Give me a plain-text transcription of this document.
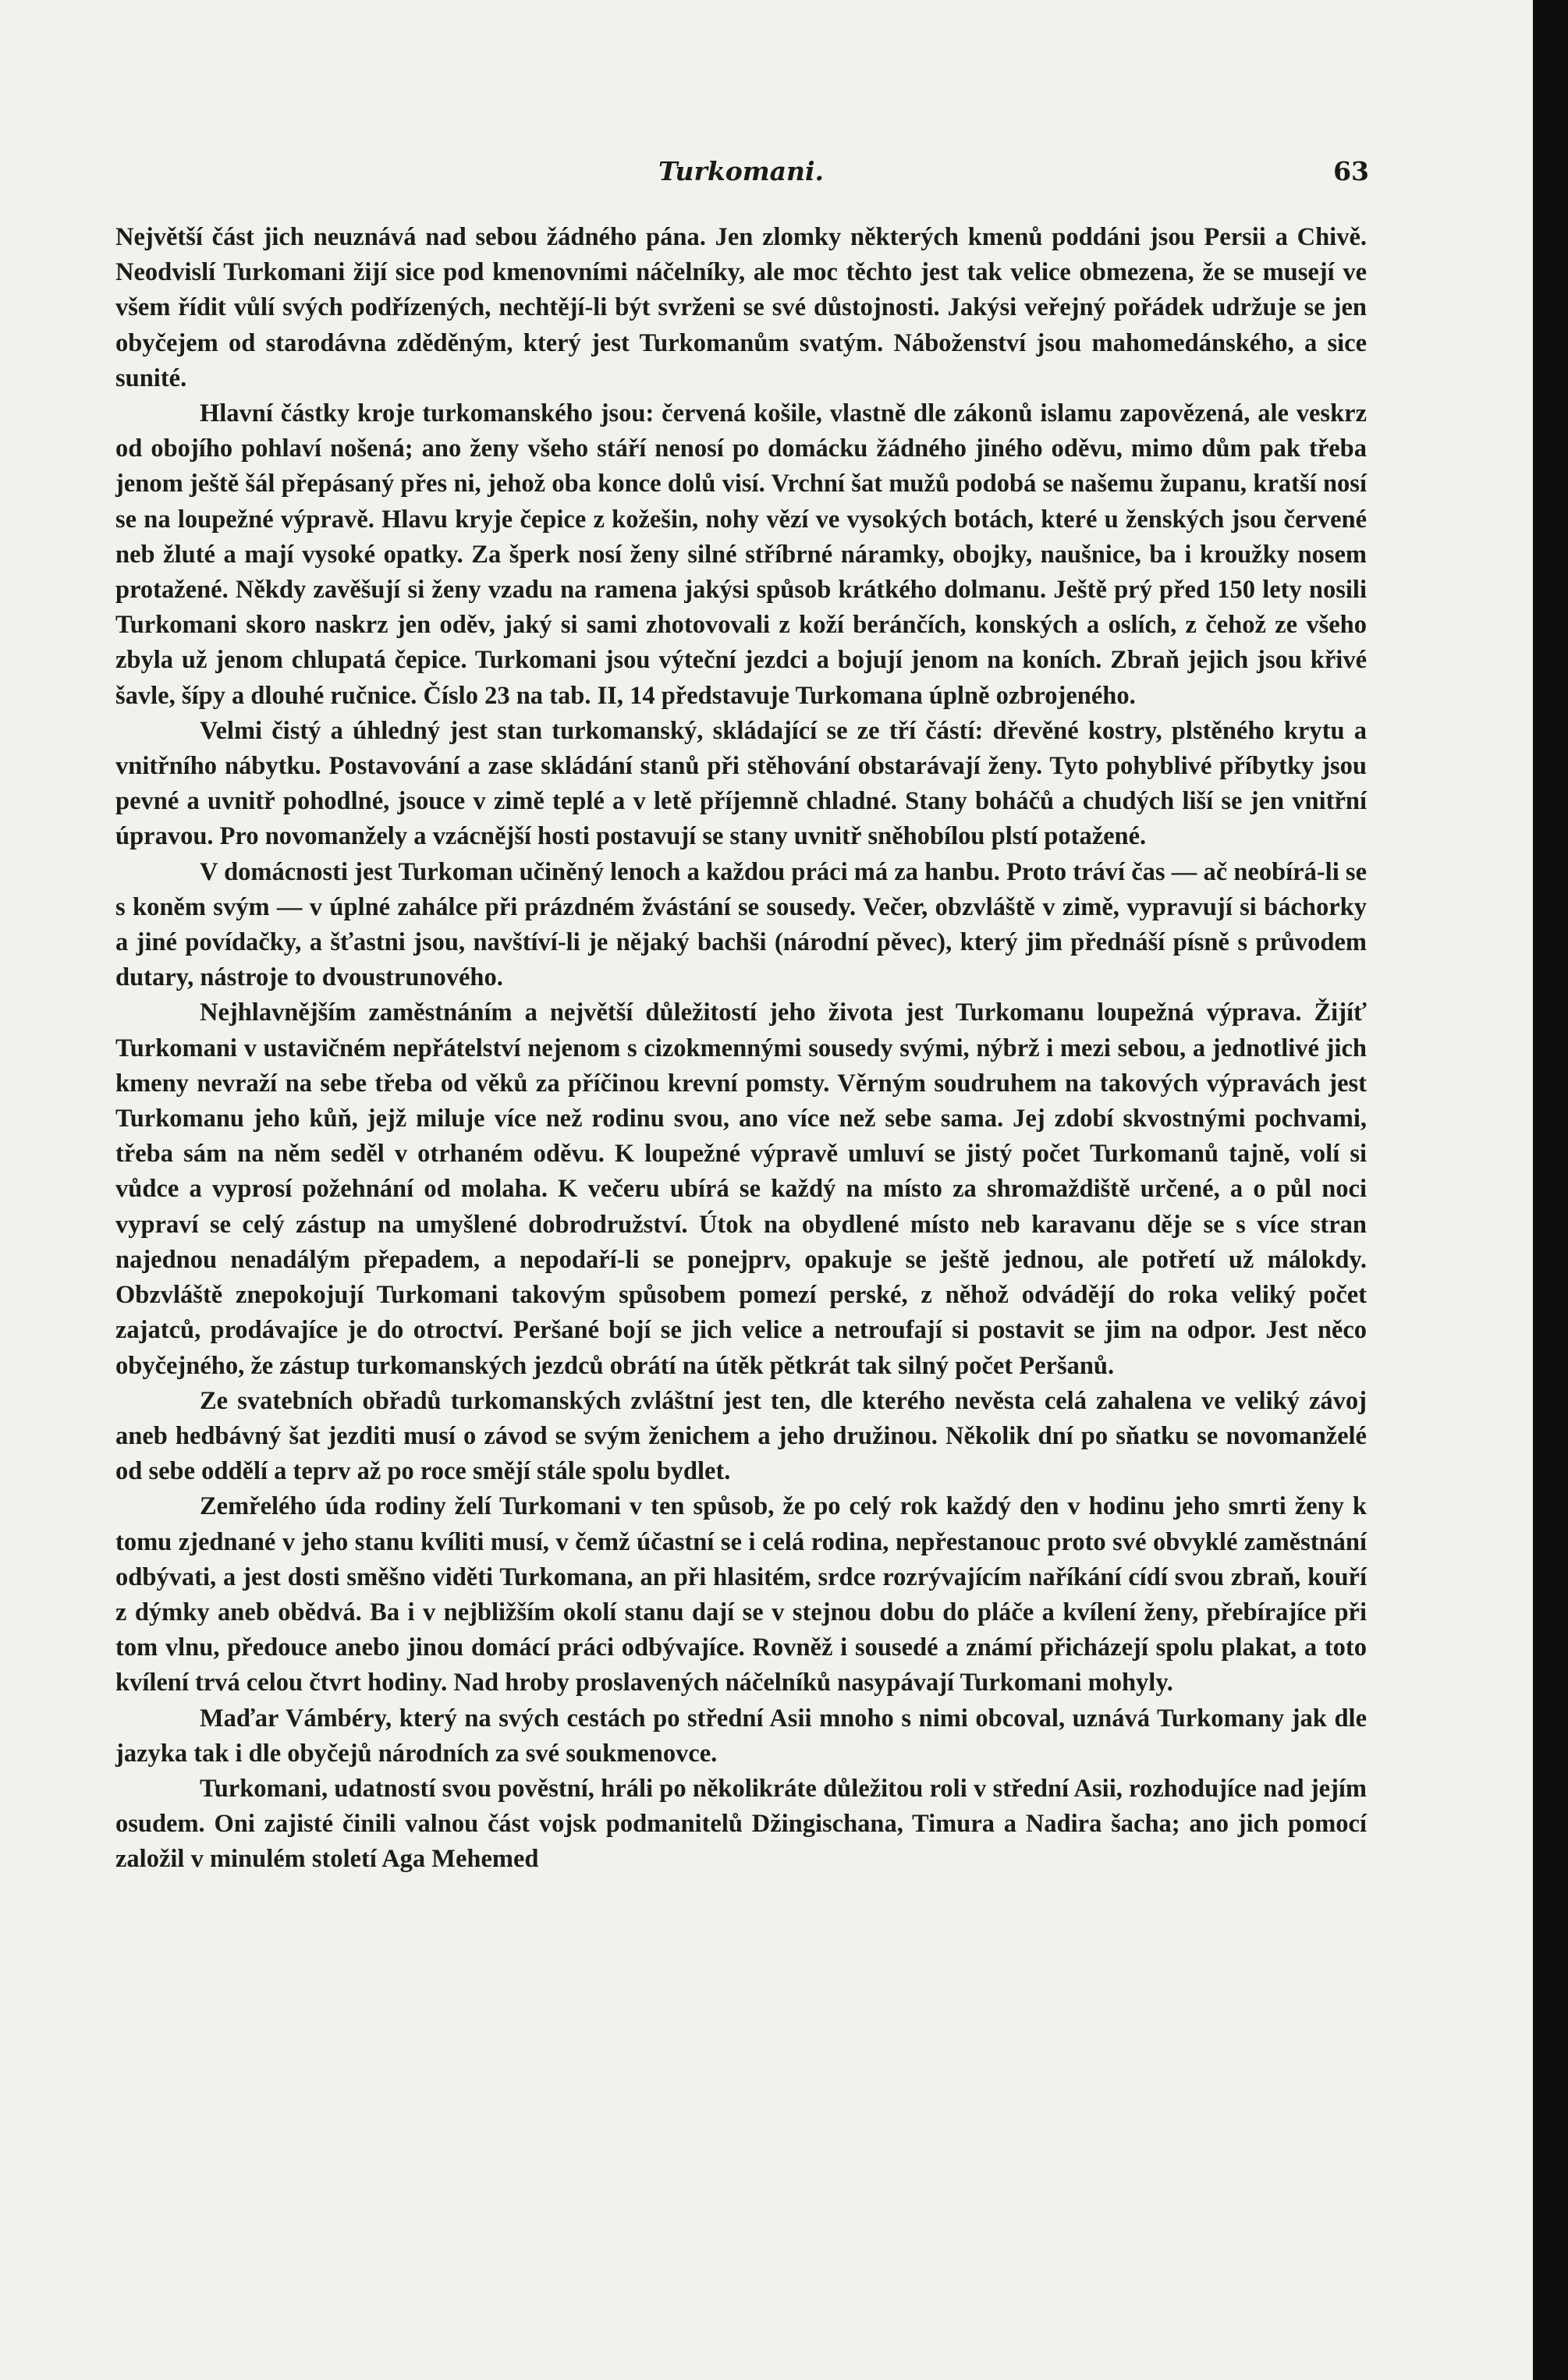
Turkomani.	63

Největší část jich neuznává nad sebou žádného pána. Jen zlomky některých kmenů poddáni jsou Persii a Chivě. Neodvislí Turkomani žijí sice pod kmenovními náčelníky, ale moc těchto jest tak velice obmezena, že se musejí ve všem řídit vůlí svých podřízených, nechtějí-li být svrženi se své důstojnosti. Jakýsi veřejný pořádek udržuje se jen obyčejem od starodávna zděděným, který jest Turkomanům svatým. Náboženství jsou mahomedánského, a sice sunité.

Hlavní částky kroje turkomanského jsou: červená košile, vlastně dle zákonů islamu zapovězená, ale veskrz od obojího pohlaví nošená; ano ženy všeho stáří nenosí po domácku žádného jiného oděvu, mimo dům pak třeba jenom ještě šál přepásaný přes ni, jehož oba konce dolů visí. Vrchní šat mužů podobá se našemu županu, kratší nosí se na loupežné výpravě. Hlavu kryje čepice z kožešin, nohy vězí ve vysokých botách, které u ženských jsou červené neb žluté a mají vysoké opatky. Za šperk nosí ženy silné stříbrné náramky, obojky, naušnice, ba i kroužky nosem protažené. Někdy zavěšují si ženy vzadu na ramena jakýsi spůsob krátkého dolmanu. Ještě prý před 150 lety nosili Turkomani skoro naskrz jen oděv, jaký si sami zhotovovali z koží beránčích, konských a oslích, z čehož ze všeho zbyla už jenom chlupatá čepice. Turkomani jsou výteční jezdci a bojují jenom na koních. Zbraň jejich jsou křivé šavle, šípy a dlouhé ručnice. Číslo 23 na tab. II, 14 představuje Turkomana úplně ozbrojeného.

Velmi čistý a úhledný jest stan turkomanský, skládající se ze tří částí: dřevěné kostry, plstěného krytu a vnitřního nábytku. Postavování a zase skládání stanů při stěhování obstarávají ženy. Tyto pohyblivé příbytky jsou pevné a uvnitř pohodlné, jsouce v zimě teplé a v letě příjemně chladné. Stany boháčů a chudých liší se jen vnitřní úpravou. Pro novomanžely a vzácnější hosti postavují se stany uvnitř sněhobílou plstí potažené.

V domácnosti jest Turkoman učiněný lenoch a každou práci má za hanbu. Proto tráví čas — ač neobírá-li se s koněm svým — v úplné zahálce při prázdném žvástání se sousedy. Večer, obzvláště v zimě, vypravují si báchorky a jiné povídačky, a šťastni jsou, navštíví-li je nějaký bachši (národní pěvec), který jim přednáší písně s průvodem dutary, nástroje to dvoustrunového.

Nejhlavnějším zaměstnáním a největší důležitostí jeho života jest Turkomanu loupežná výprava. Žijíť Turkomani v ustavičném nepřátelství nejenom s cizokmennými sousedy svými, nýbrž i mezi sebou, a jednotlivé jich kmeny nevraží na sebe třeba od věků za příčinou krevní pomsty. Věrným soudruhem na takových výpravách jest Turkomanu jeho kůň, jejž miluje více než rodinu svou, ano více než sebe sama. Jej zdobí skvostnými pochvami, třeba sám na něm seděl v otrhaném oděvu. K loupežné výpravě umluví se jistý počet Turkomanů tajně, volí si vůdce a vyprosí požehnání od molaha. K večeru ubírá se každý na místo za shromaždiště určené, a o půl noci vypraví se celý zástup na umyšlené dobrodružství. Útok na obydlené místo neb karavanu děje se s více stran najednou nenadálým přepadem, a nepodaří-li se ponejprv, opakuje se ještě jednou, ale potřetí už málokdy. Obzvláště znepokojují Turkomani takovým spůsobem pomezí perské, z něhož odvádějí do roka veliký počet zajatců, prodávajíce je do otroctví. Peršané bojí se jich velice a netroufají si postavit se jim na odpor. Jest něco obyčejného, že zástup turkomanských jezdců obrátí na útěk pětkrát tak silný počet Peršanů.

Ze svatebních obřadů turkomanských zvláštní jest ten, dle kterého nevěsta celá zahalena ve veliký závoj aneb hedbávný šat jezditi musí o závod se svým ženichem a jeho družinou. Několik dní po sňatku se novomanželé od sebe oddělí a teprv až po roce smějí stále spolu bydlet.

Zemřelého úda rodiny želí Turkomani v ten spůsob, že po celý rok každý den v hodinu jeho smrti ženy k tomu zjednané v jeho stanu kvíliti musí, v čemž účastní se i celá rodina, nepřestanouc proto své obvyklé zaměstnání odbývati, a jest dosti směšno viděti Turkomana, an při hlasitém, srdce rozrývajícím naříkání cídí svou zbraň, kouří z dýmky aneb obědvá. Ba i v nejbližším okolí stanu dají se v stejnou dobu do pláče a kvílení ženy, přebírajíce při tom vlnu, předouce anebo jinou domácí práci odbývajíce. Rovněž i sousedé a známí přicházejí spolu plakat, a toto kvílení trvá celou čtvrt hodiny. Nad hroby proslavených náčelníků nasypávají Turkomani mohyly.

Maďar Vámbéry, který na svých cestách po střední Asii mnoho s nimi obcoval, uznává Turkomany jak dle jazyka tak i dle obyčejů národních za své soukmenovce.

Turkomani, udatností svou pověstní, hráli po několikráte důležitou roli v střední Asii, rozhodujíce nad jejím osudem. Oni zajisté činili valnou část vojsk podmanitelů Džingischana, Timura a Nadira šacha; ano jich pomocí založil v minulém století Aga Mehemed
